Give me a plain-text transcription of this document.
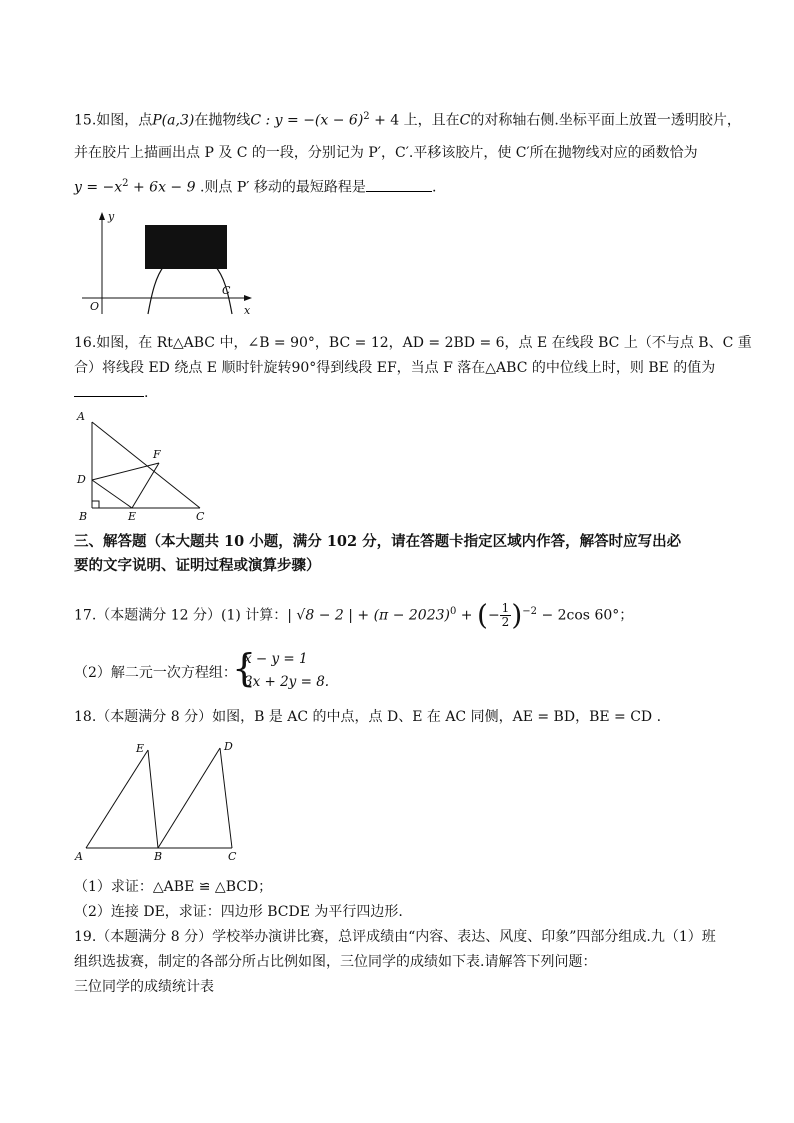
15.如图，点P(a,3)在抛物线C : $y = -(x - 6)^2 + 4$ 上，且在C的对称轴右侧.坐标平面上放置一透明胶片，
并在胶片上描画出点 P 及 C 的一段，分别记为 P′，C′.平移该胶片，使 C′所在抛物线对应的函数恰为
$y = -x^2 + 6x - 9$ .则点 P′ 移动的最短路程是	.
y
x
O
C
16.如图，在 Rt△ABC 中，∠B = 90°，BC = 12，AD = 2BD = 6，点 E 在线段 BC 上（不与点 B、C 重
合）将线段 ED 绕点 E 顺时针旋转90°得到线段 EF，当点 F 落在△ABC 的中位线上时，则 BE 的值为
.
A
D
B	E	C
F
三、解答题（本大题共 10 小题，满分 102 分，请在答题卡指定区域内作答，解答时应写出必
要的文字说明、证明过程或演算步骤）
17.（本题满分 12 分）(1) 计算：| √8 − 2 | + $(\pi - 2023)^0$ + (− $\frac{1}{2} )^{-2} - 2\cos$ 60°；
（2）解二元一次方程组：
{
x − y = 1
3x + 2y = 8.
18.（本题满分 8 分）如图，B 是 AC 的中点，点 D、E 在 AC 同侧，AE = BD，BE = CD .
E	D
A	B	C
（1）求证：△ABE ≌ △BCD；
（2）连接 DE，求证：四边形 BCDE 为平行四边形.
19.（本题满分 8 分）学校举办演讲比赛，总评成绩由“内容、表达、风度、印象”四部分组成.九（1）班
组织选拔赛，制定的各部分所占比例如图，三位同学的成绩如下表.请解答下列问题：
三位同学的成绩统计表
